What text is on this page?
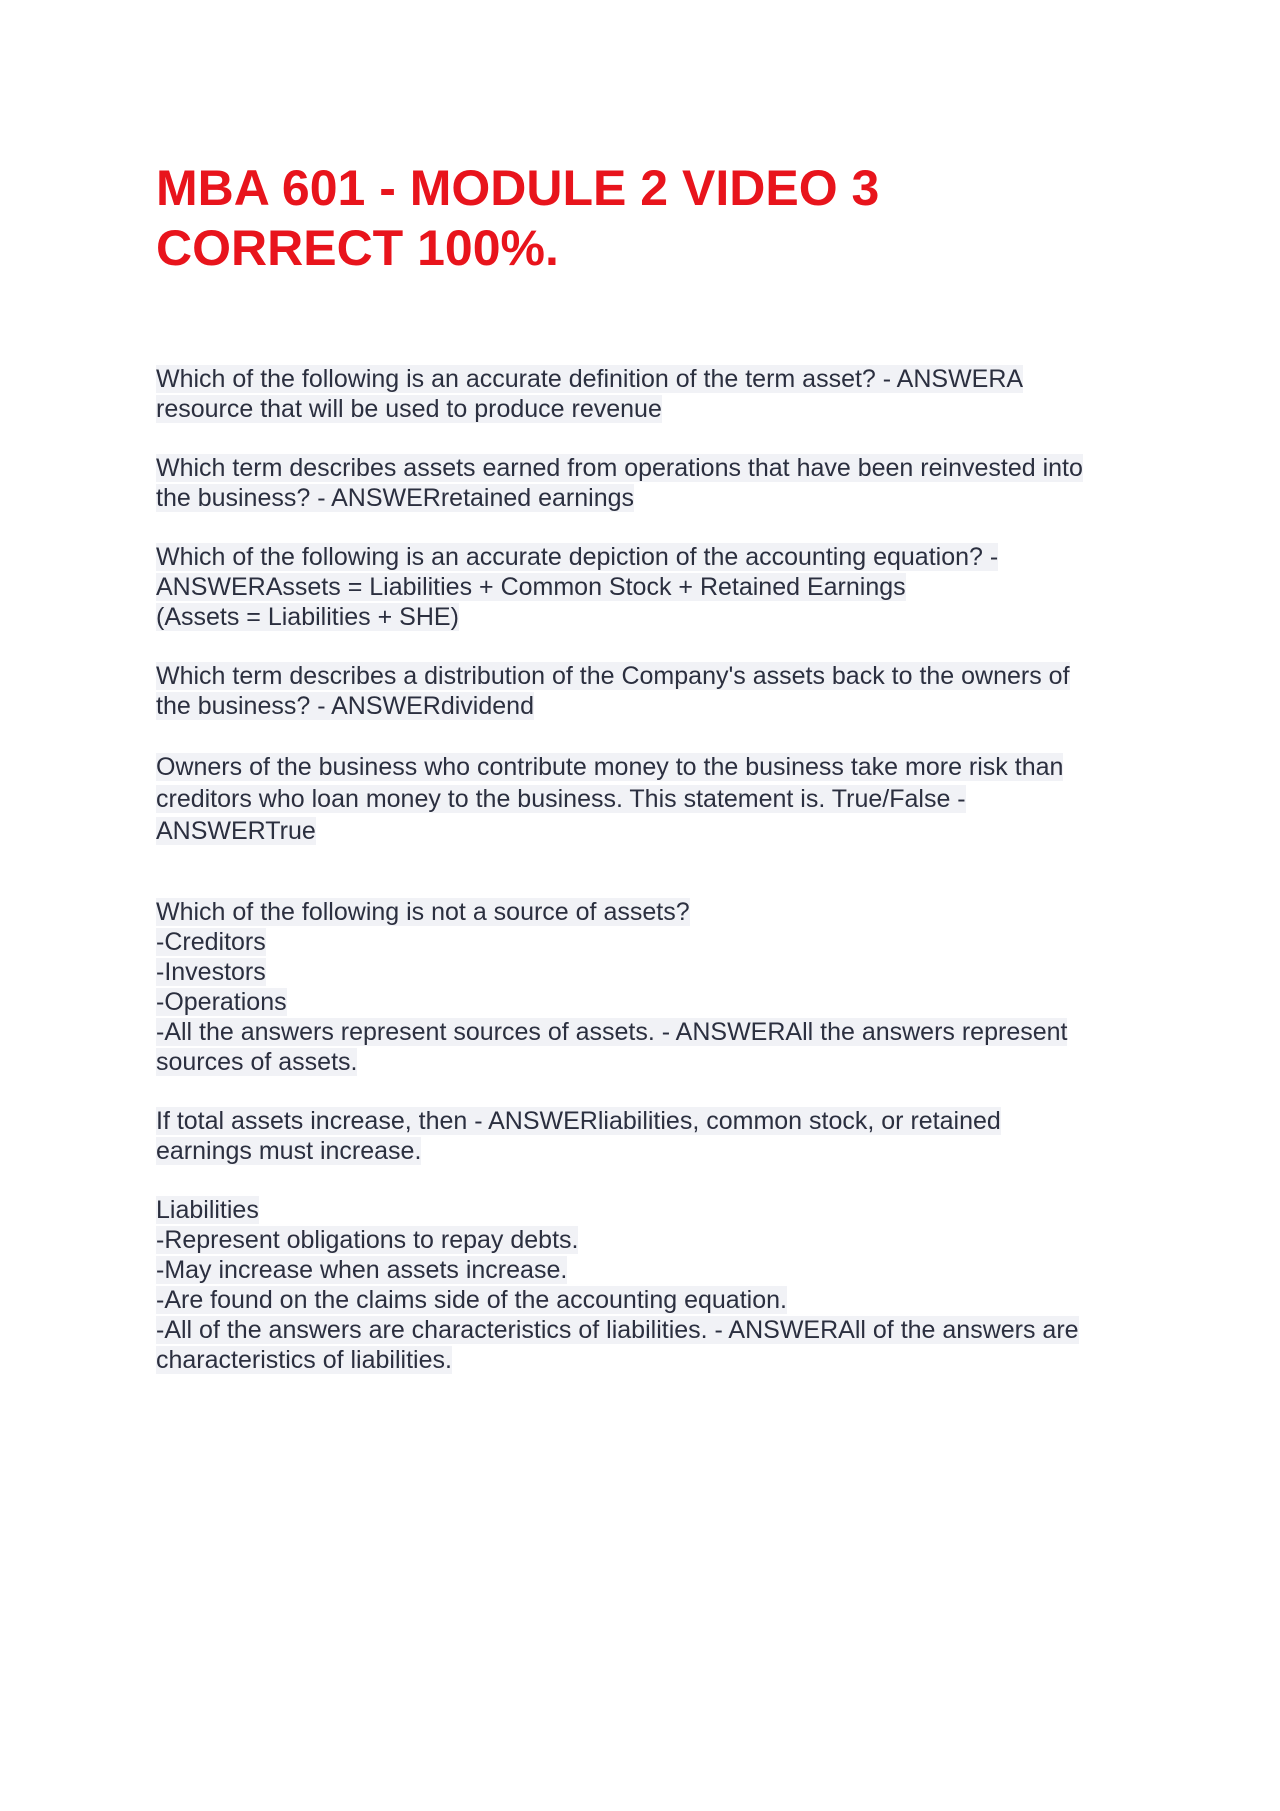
MBA 601 - MODULE 2 VIDEO 3
CORRECT 100%.

Which of the following is an accurate definition of the term asset? - ANSWERA
resource that will be used to produce revenue

Which term describes assets earned from operations that have been reinvested into
the business? - ANSWERretained earnings

Which of the following is an accurate depiction of the accounting equation? -
ANSWERAssets = Liabilities + Common Stock + Retained Earnings
(Assets = Liabilities + SHE)

Which term describes a distribution of the Company's assets back to the owners of
the business? - ANSWERdividend

Owners of the business who contribute money to the business take more risk than
creditors who loan money to the business. This statement is. True/False -
ANSWERTrue

Which of the following is not a source of assets?
-Creditors
-Investors
-Operations
-All the answers represent sources of assets. - ANSWERAll the answers represent
sources of assets.

If total assets increase, then - ANSWERliabilities, common stock, or retained
earnings must increase.

Liabilities
-Represent obligations to repay debts.
-May increase when assets increase.
-Are found on the claims side of the accounting equation.
-All of the answers are characteristics of liabilities. - ANSWERAll of the answers are
characteristics of liabilities.
